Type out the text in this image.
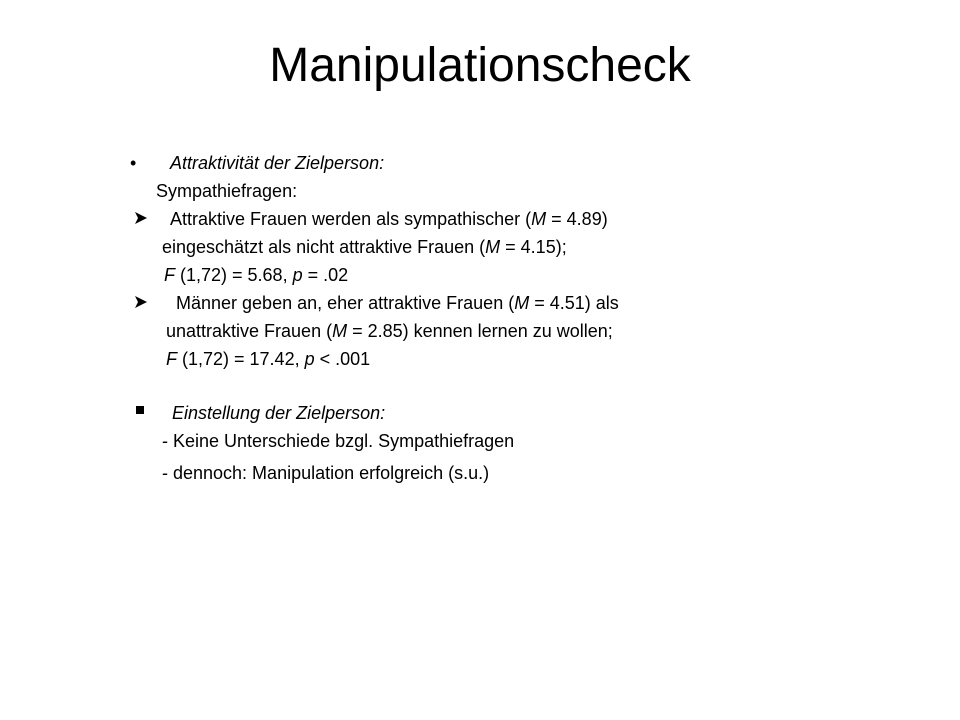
Manipulationscheck
• Attraktivität der Zielperson:
Sympathiefragen:
Attraktive Frauen werden als sympathischer (M = 4.89)
eingeschätzt als nicht attraktive Frauen (M = 4.15);
F (1,72) = 5.68, p = .02
Männer geben an, eher attraktive Frauen (M = 4.51) als
unattraktive Frauen (M = 2.85) kennen lernen zu wollen;
F (1,72) = 17.42, p < .001
Einstellung der Zielperson:
- Keine Unterschiede bzgl. Sympathiefragen
- dennoch: Manipulation erfolgreich (s.u.)
